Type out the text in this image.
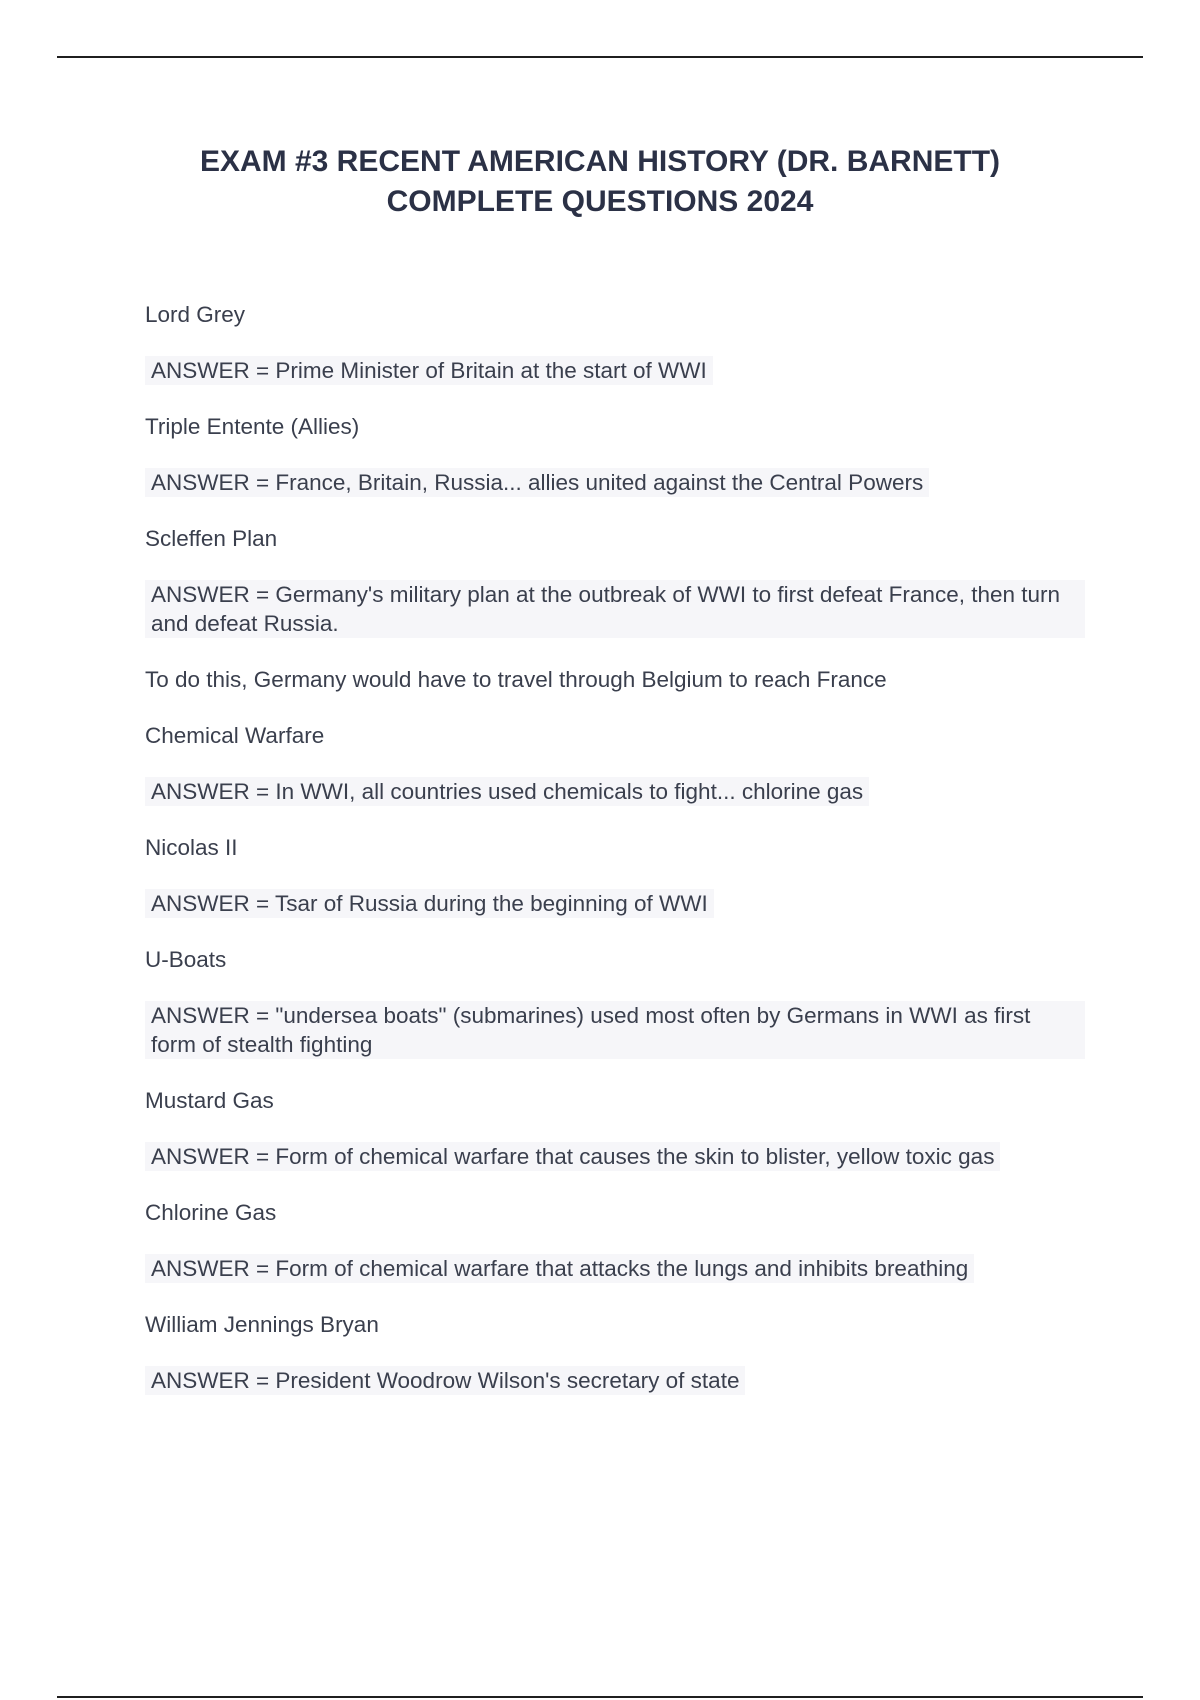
EXAM #3 RECENT AMERICAN HISTORY (DR. BARNETT)
COMPLETE QUESTIONS 2024

Lord Grey

ANSWER = Prime Minister of Britain at the start of WWI

Triple Entente (Allies)

ANSWER = France, Britain, Russia... allies united against the Central Powers

Scleffen Plan

ANSWER = Germany's military plan at the outbreak of WWI to first defeat France, then turn and defeat Russia.

To do this, Germany would have to travel through Belgium to reach France

Chemical Warfare

ANSWER = In WWI, all countries used chemicals to fight... chlorine gas

Nicolas II

ANSWER = Tsar of Russia during the beginning of WWI

U-Boats

ANSWER = "undersea boats" (submarines) used most often by Germans in WWI as first form of stealth fighting

Mustard Gas

ANSWER = Form of chemical warfare that causes the skin to blister, yellow toxic gas

Chlorine Gas

ANSWER = Form of chemical warfare that attacks the lungs and inhibits breathing

William Jennings Bryan

ANSWER = President Woodrow Wilson's secretary of state
